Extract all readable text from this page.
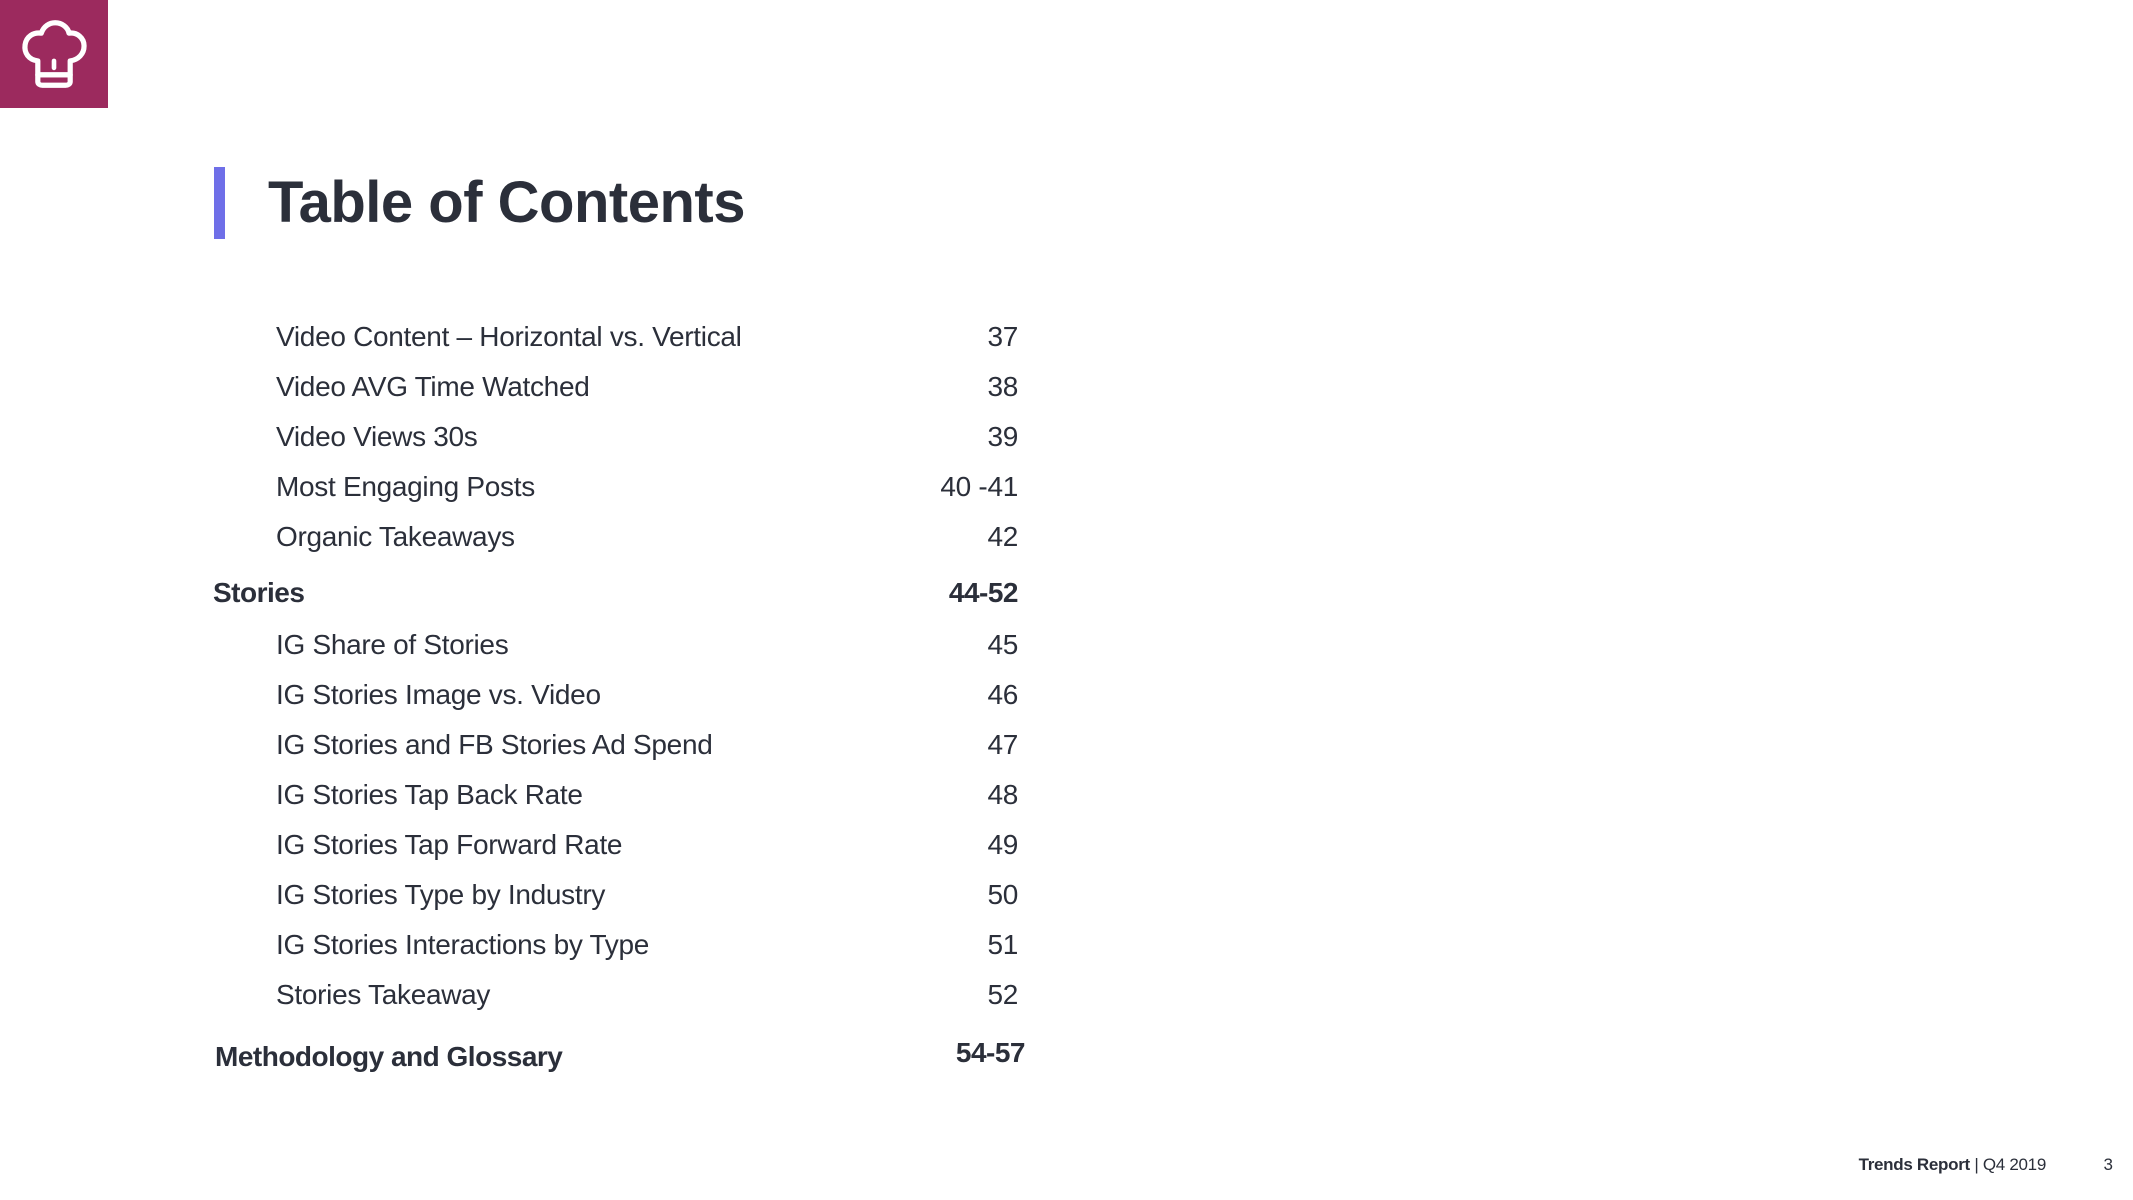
Table of Contents
Video Content – Horizontal vs. Vertical	37
Video AVG Time Watched	38
Video Views 30s	39
Most Engaging Posts	40 -41
Organic Takeaways	42
Stories	44-52
IG Share of Stories	45
IG Stories Image vs. Video	46
IG Stories and FB Stories Ad Spend	47
IG Stories Tap Back Rate	48
IG Stories Tap Forward Rate	49
IG Stories Type by Industry	50
IG Stories Interactions by Type	51
Stories Takeaway	52
Methodology and Glossary	54-57
Trends Report | Q4 2019	3
